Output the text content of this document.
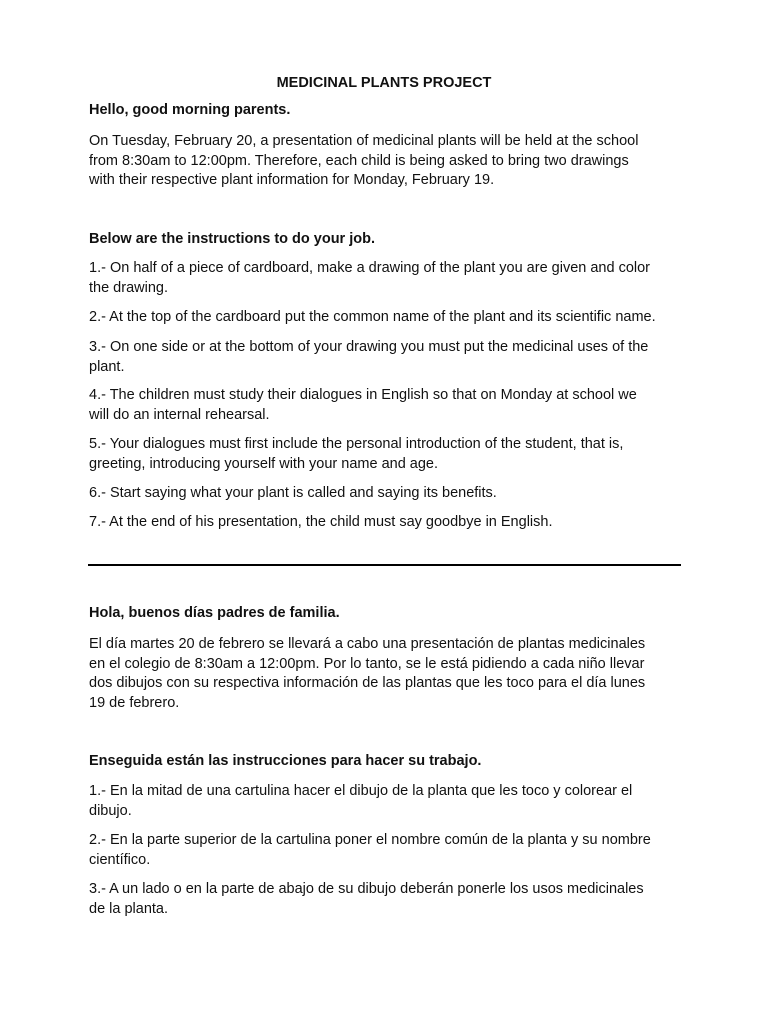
MEDICINAL PLANTS PROJECT
Hello, good morning parents.
On Tuesday, February 20, a presentation of medicinal plants will be held at the school
from 8:30am to 12:00pm. Therefore, each child is being asked to bring two drawings
with their respective plant information for Monday, February 19.
Below are the instructions to do your job.
1.- On half of a piece of cardboard, make a drawing of the plant you are given and color
the drawing.
2.- At the top of the cardboard put the common name of the plant and its scientific name.
3.- On one side or at the bottom of your drawing you must put the medicinal uses of the
plant.
4.- The children must study their dialogues in English so that on Monday at school we
will do an internal rehearsal.
5.- Your dialogues must first include the personal introduction of the student, that is,
greeting, introducing yourself with your name and age.
6.- Start saying what your plant is called and saying its benefits.
7.- At the end of his presentation, the child must say goodbye in English.
Hola, buenos días padres de familia.
El día martes 20 de febrero se llevará a cabo una presentación de plantas medicinales
en el colegio de 8:30am a 12:00pm. Por lo tanto, se le está pidiendo a cada niño llevar
dos dibujos con su respectiva información de las plantas que les toco para el día lunes
19 de febrero.
Enseguida están las instrucciones para hacer su trabajo.
1.- En la mitad de una cartulina hacer el dibujo de la planta que les toco y colorear el
dibujo.
2.- En la parte superior de la cartulina poner el nombre común de la planta y su nombre
científico.
3.- A un lado o en la parte de abajo de su dibujo deberán ponerle los usos medicinales
de la planta.
